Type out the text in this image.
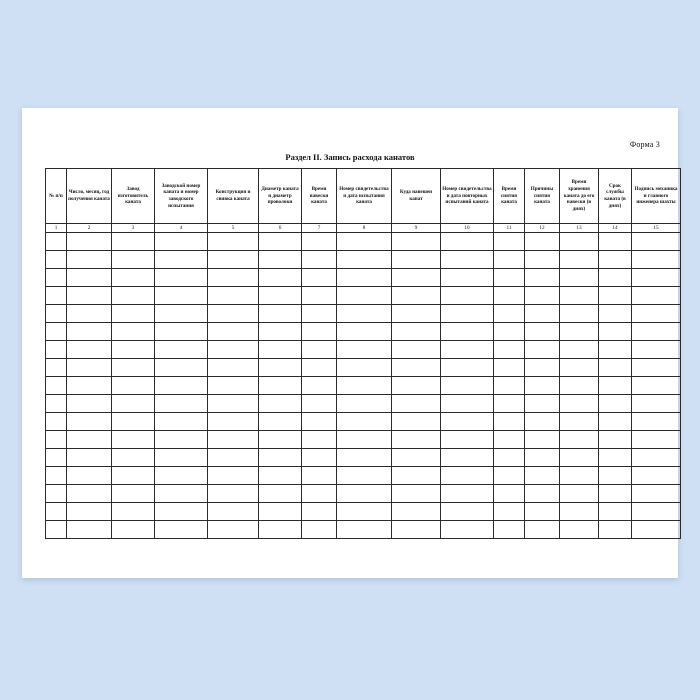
Форма 3
Раздел II. Запись расхода канатов
№ п/п	Число, месяц, год получения каната	Завод изготовитель каната	Заводской номер каната и номер заводского испытания	Конструкция и свивка каната	Диаметр каната и диаметр проволоки	Время навески каната	Номер свидетельства и дата испытания каната	Куда навешен канат	Номер свидетельства и дата повторных испытаний каната	Время снятия каната	Причины снятия каната	Время хранения каната до его навески (в днях)	Срок службы каната (в днях)	Подпись механика и главного инженера шахты
1	2	3	4	5	6	7	8	9	10	11	12	13	14	15
